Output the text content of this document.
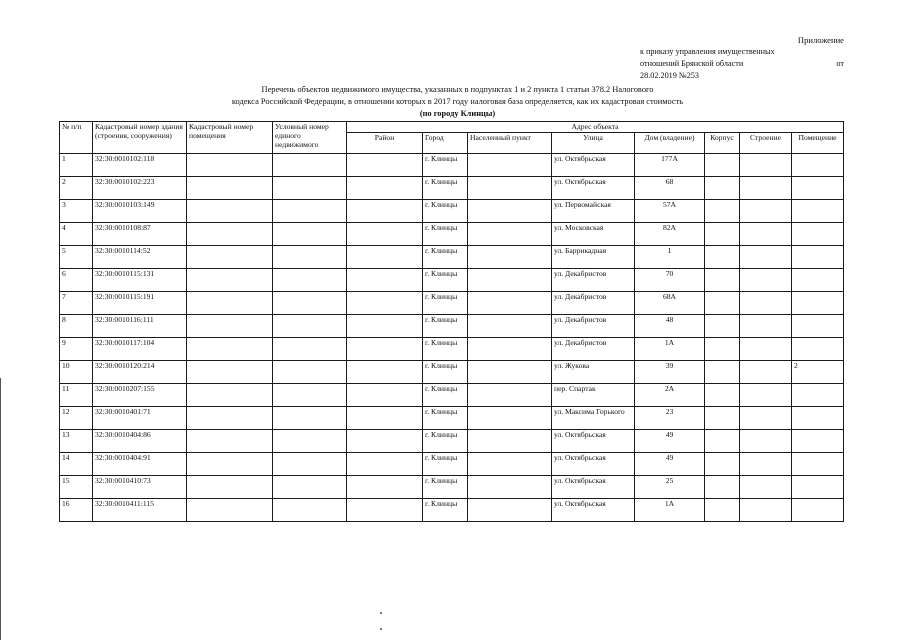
Приложение
к приказу управления имущественных
отношений Брянской области	от
28.02.2019 №253
Перечень объектов недвижимого имущества, указанных в подпунктах 1 и 2 пункта 1 статьи 378.2 Налогового
кодекса Российской Федерации, в отношении которых в 2017 году налоговая база определяется, как их кадастровая стоимость
(по городу Клинцы)
№ п/п	Кадастровый номер здания (строения, сооружения)	Кадастровый номер помещения	Условный номер единого недвижимого	Адрес объекта							
				Район	Город	Населенный пункт	Улица	Дом (владение)	Корпус	Строение	Помещение
1	32:30:0010102:118				г. Клинцы		ул. Октябрьская	177А			
2	32:30:0010102:223				г. Клинцы		ул. Октябрьская	68			
3	32:30:0010103:149				г. Клинцы		ул. Первомайская	57А			
4	32:30:0010108:87				г. Клинцы		ул. Московская	82А			
5	32:30:0010114:52				г. Клинцы		ул. Баррикадная	1			
6	32:30:0010115:131				г. Клинцы		ул. Декабристов	70			
7	32:30:0010115:191				г. Клинцы		ул. Декабристов	68А			
8	32:30:0010116:111				г. Клинцы		ул. Декабристов	48			
9	32:30:0010117:104				г. Клинцы		ул. Декабристов	1А			
10	32:30:0010120:214				г. Клинцы		ул. Жукова	39			2
11	32:30:0010207:155				г. Клинцы		пер. Спартак	2А			
12	32:30:0010401:71				г. Клинцы		ул. Максима Горького	23			
13	32:30:0010404:86				г. Клинцы		ул. Октябрьская	49			
14	32:30:0010404:91				г. Клинцы		ул. Октябрьская	49			
15	32:30:0010410:73				г. Клинцы		ул. Октябрьская	25			
16	32:30:0010411:115				г. Клинцы		ул. Октябрьская	1А			
